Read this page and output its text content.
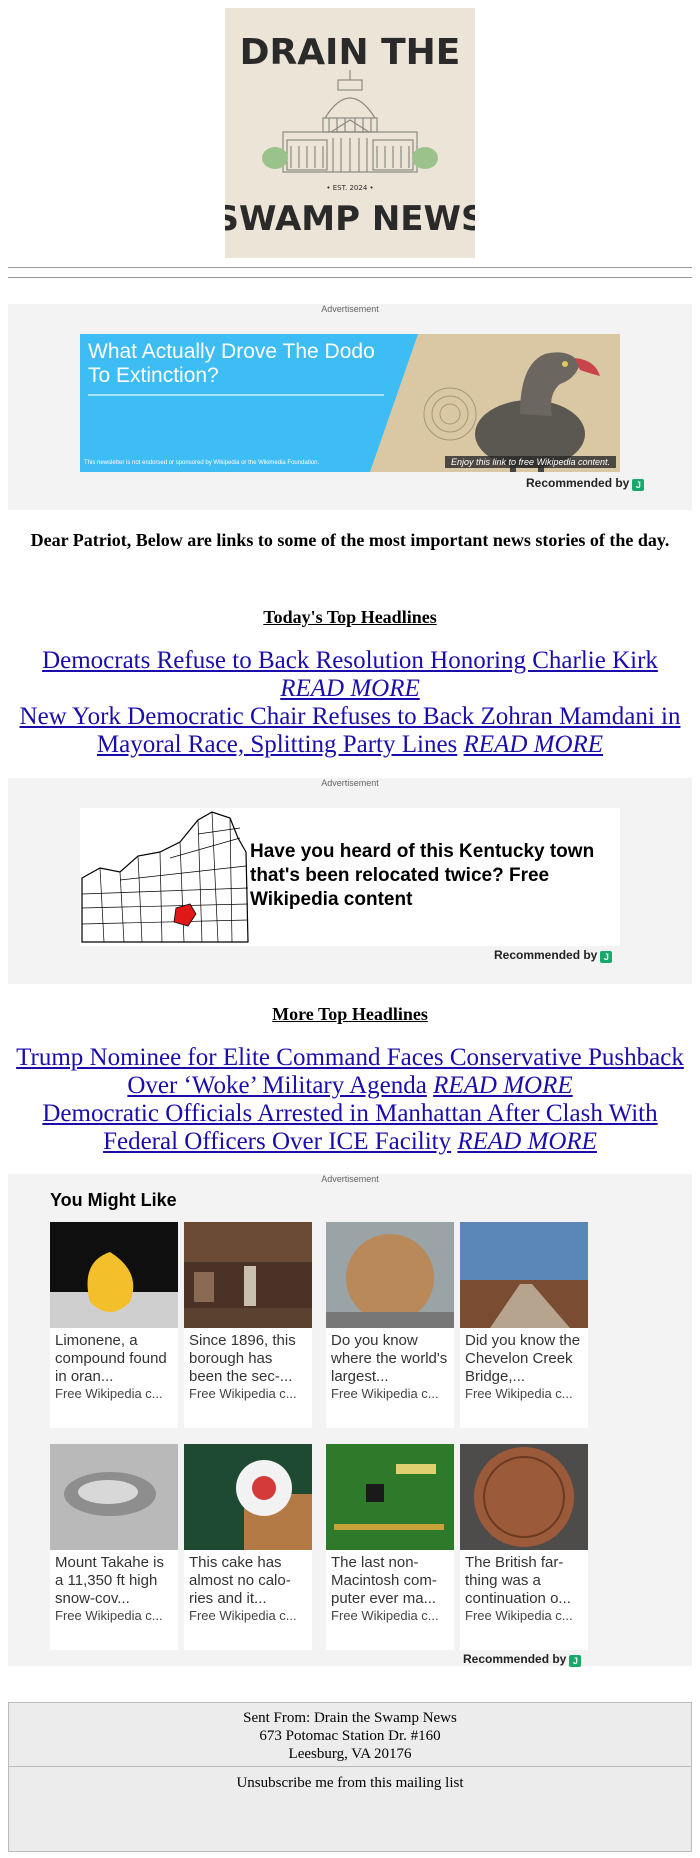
DRAIN THE
• EST. 2024 •
SWAMP NEWS
Advertisement
Recommended by J
What Actually Drove The Dodo To Extinction?
This newsletter is not endorsed or sponsored by Wikipedia or the Wikimedia Foundation.	Enjoy this link to free Wikipedia content.
Dear Patriot, Below are links to some of the most important news stories of the day.
Today's Top Headlines
Democrats Refuse to Back Resolution Honoring Charlie Kirk READ MORE
New York Democratic Chair Refuses to Back Zohran Mamdani in Mayoral Race, Splitting Party Lines READ MORE
Advertisement
Recommended by J
Have you heard of this Kentucky town that's been relocated twice? Free Wikipedia content
More Top Headlines
Trump Nominee for Elite Command Faces Conservative Pushback Over ‘Woke’ Military Agenda READ MORE
Democratic Officials Arrested in Manhattan After Clash With Federal Officers Over ICE Facility READ MORE
Advertisement
Recommended by J
You Might Like
Limonene, a compound found in oran...
Free Wikipedia c...
Since 1896, this borough has been the sec-...
Free Wikipedia c...
Do you know where the world's largest...
Free Wikipedia c...
Did you know the Chevelon Creek Bridge,...
Free Wikipedia c...
Mount Takahe is a 11,350 ft high snow-cov...
Free Wikipedia c...
This cake has almost no calo-ries and it...
Free Wikipedia c...
The last non-Macintosh com-puter ever ma...
Free Wikipedia c...
The British far-thing was a continuation o...
Free Wikipedia c...
Sent From: Drain the Swamp News
673 Potomac Station Dr. #160
Leesburg, VA 20176
Unsubscribe me from this mailing list
